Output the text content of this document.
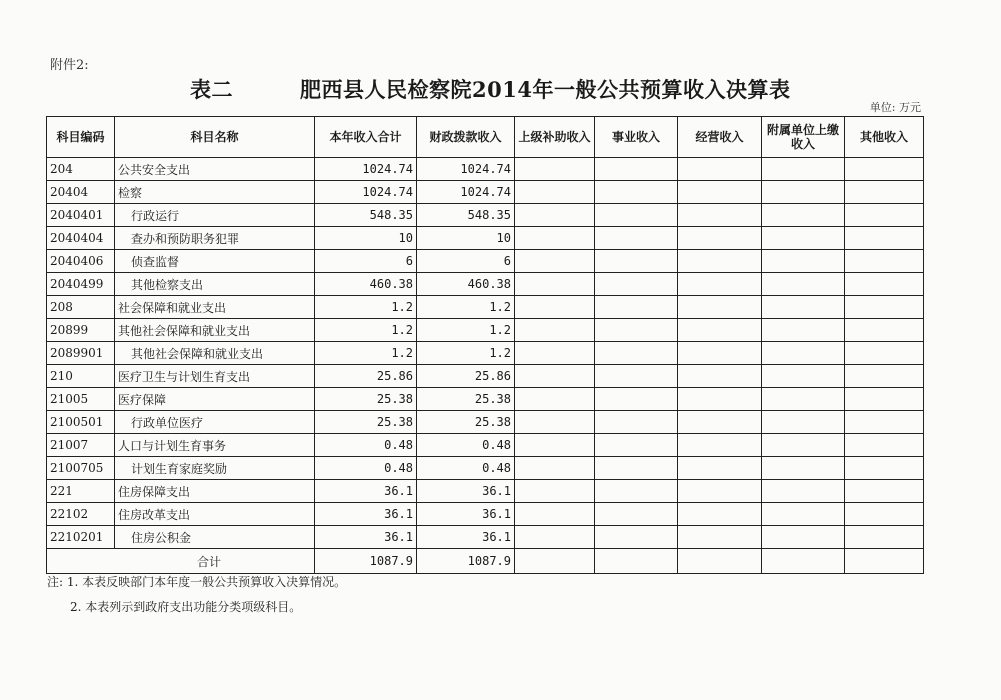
附件2:
表二	肥西县人民检察院2014年一般公共预算收入决算表
单位: 万元
科目编码	科目名称	本年收入合计	财政拨款收入	上级补助收入	事业收入	经营收入	附属单位上缴收入	其他收入
204	公共安全支出	1024.74	1024.74					
20404	检察	1024.74	1024.74					
2040401	行政运行	548.35	548.35					
2040404	查办和预防职务犯罪	10	10					
2040406	侦查监督	6	6					
2040499	其他检察支出	460.38	460.38					
208	社会保障和就业支出	1.2	1.2					
20899	其他社会保障和就业支出	1.2	1.2					
2089901	其他社会保障和就业支出	1.2	1.2					
210	医疗卫生与计划生育支出	25.86	25.86					
21005	医疗保障	25.38	25.38					
2100501	行政单位医疗	25.38	25.38					
21007	人口与计划生育事务	0.48	0.48					
2100705	计划生育家庭奖励	0.48	0.48					
221	住房保障支出	36.1	36.1					
22102	住房改革支出	36.1	36.1					
2210201	住房公积金	36.1	36.1					
合计		1087.9	1087.9					
注: 1. 本表反映部门本年度一般公共预算收入决算情况。
2. 本表列示到政府支出功能分类项级科目。
